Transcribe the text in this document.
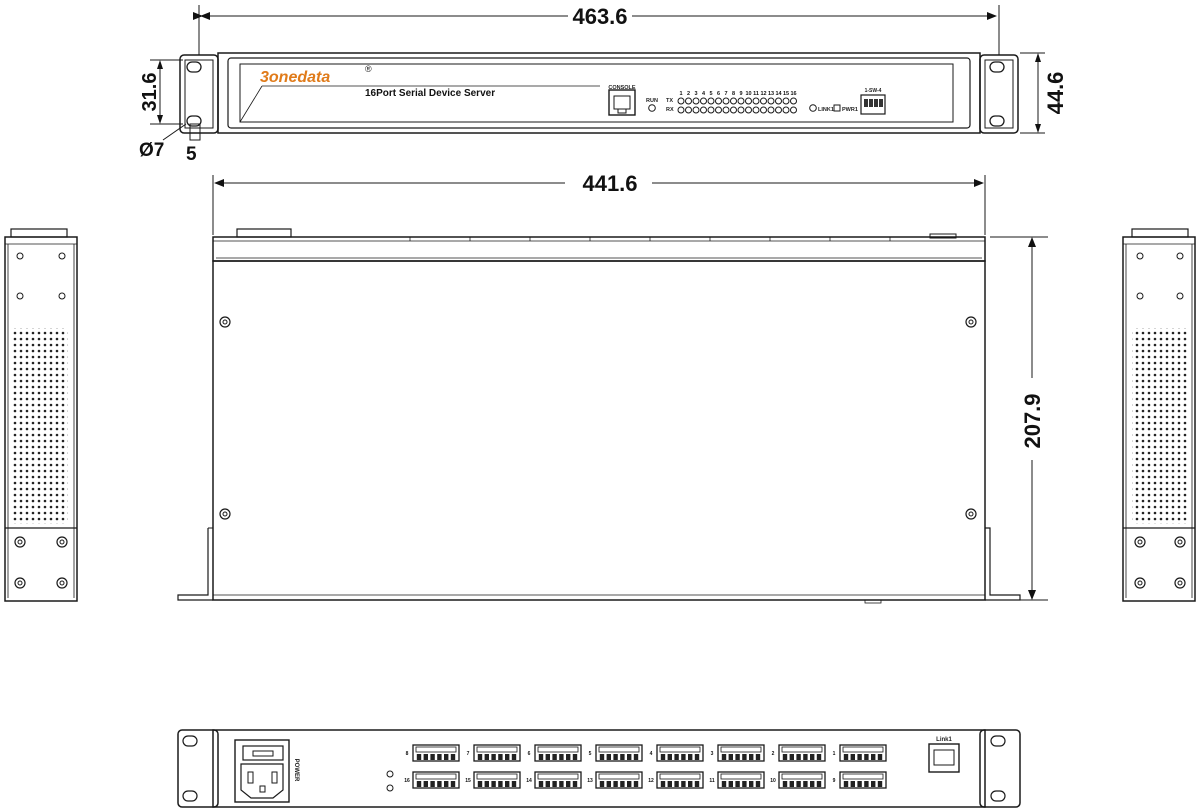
1 2 3 4 5 6 7 8 9 10 11 12 13 14 15 16
463.6
31.6
Ø7 5
44.6
3onedata	®
16Port Serial Device Server	CONSOLE
RUN TX
RX	LINK1 PWR1
1-SW-4
441.6
207.9
8
16
7
15
6
14
5
13
4
12
3
11
2
10
1
9
POWER
Link1
